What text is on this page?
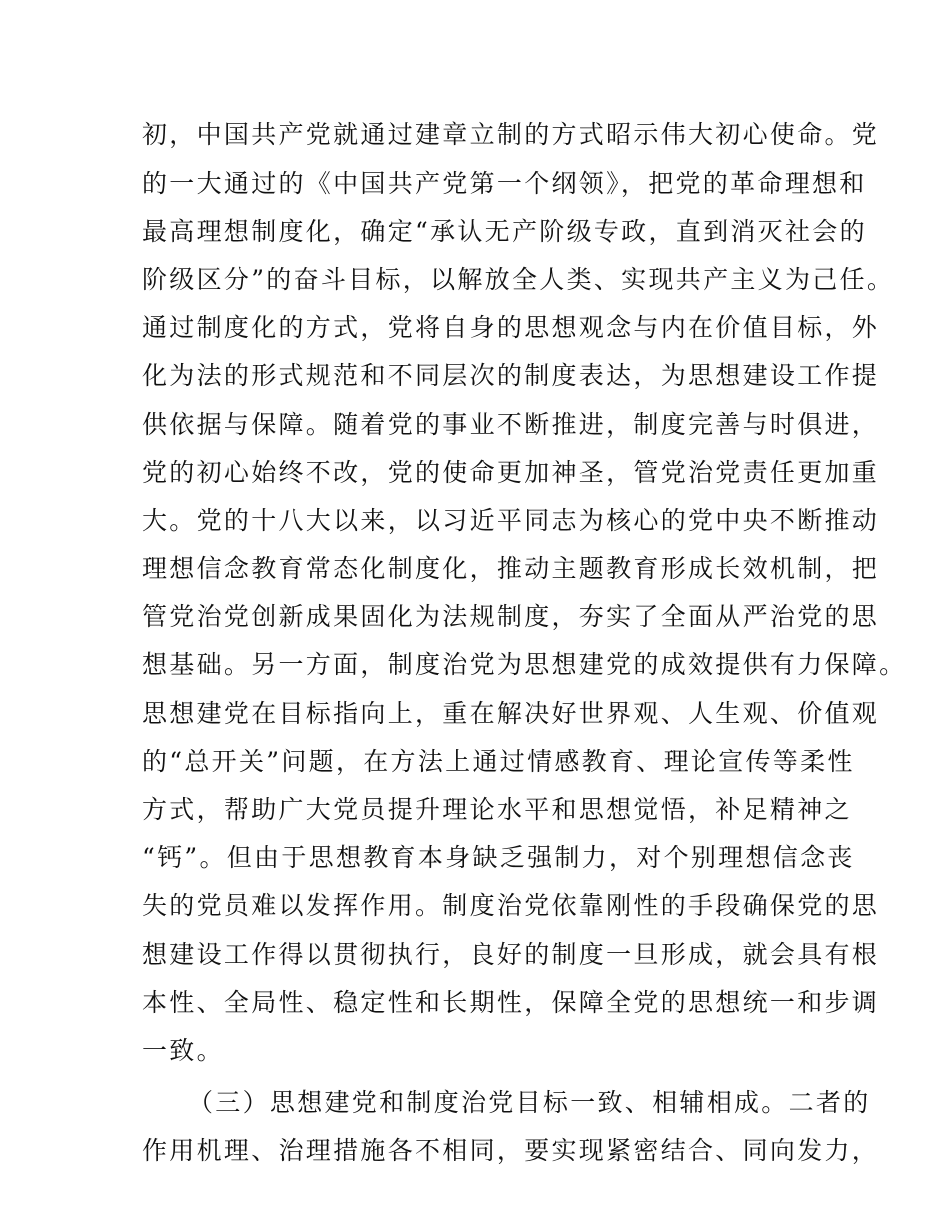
初，中国共产党就通过建章立制的方式昭示伟大初心使命。党
的一大通过的《中国共产党第一个纲领》，把党的革命理想和
最高理想制度化，确定“承认无产阶级专政，直到消灭社会的
阶级区分”的奋斗目标，以解放全人类、实现共产主义为己任。
通过制度化的方式，党将自身的思想观念与内在价值目标，外
化为法的形式规范和不同层次的制度表达，为思想建设工作提
供依据与保障。随着党的事业不断推进，制度完善与时俱进，
党的初心始终不改，党的使命更加神圣，管党治党责任更加重
大。党的十八大以来，以习近平同志为核心的党中央不断推动
理想信念教育常态化制度化，推动主题教育形成长效机制，把
管党治党创新成果固化为法规制度，夯实了全面从严治党的思
想基础。另一方面，制度治党为思想建党的成效提供有力保障。
思想建党在目标指向上，重在解决好世界观、人生观、价值观
的“总开关”问题，在方法上通过情感教育、理论宣传等柔性
方式，帮助广大党员提升理论水平和思想觉悟，补足精神之
“钙”。但由于思想教育本身缺乏强制力，对个别理想信念丧
失的党员难以发挥作用。制度治党依靠刚性的手段确保党的思
想建设工作得以贯彻执行，良好的制度一旦形成，就会具有根
本性、全局性、稳定性和长期性，保障全党的思想统一和步调
一致。
（三）思想建党和制度治党目标一致、相辅相成。二者的
作用机理、治理措施各不相同，要实现紧密结合、同向发力，
